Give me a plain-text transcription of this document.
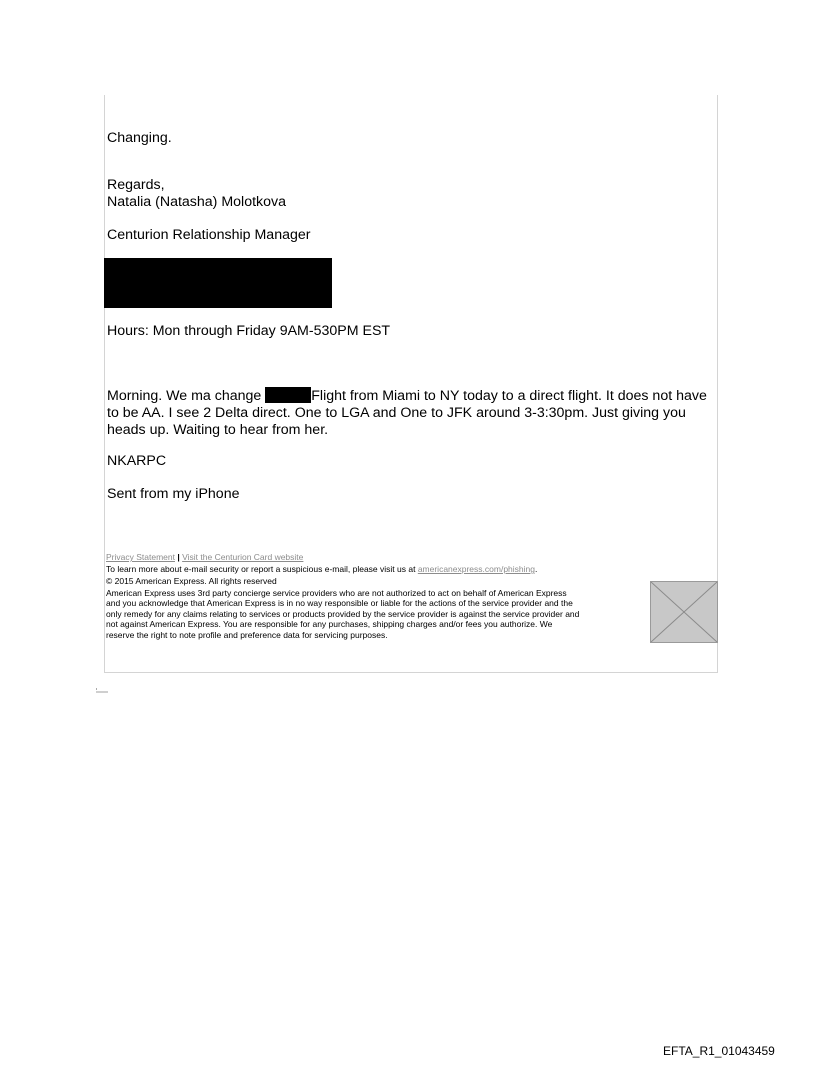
Changing.

Regards,

Natalia (Natasha) Molotkova

Centurion Relationship Manager

Hours: Mon through Friday 9AM-530PM EST

Morning. We ma change	Flight from Miami to NY today to a direct flight. It does not have to be AA. I see 2 Delta direct. One to LGA and One to JFK around 3-3:30pm. Just giving you heads up. Waiting to hear from her.

NKARPC

Sent from my iPhone

Privacy Statement | Visit the Centurion Card website
To learn more about e-mail security or report a suspicious e-mail, please visit us at americanexpress.com/phishing.
© 2015 American Express. All rights reserved
American Express uses 3rd party concierge service providers who are not authorized to act on behalf of American Express
and you acknowledge that American Express is in no way responsible or liable for the actions of the service provider and the
only remedy for any claims relating to services or products provided by the service provider is against the service provider and
not against American Express. You are responsible for any purchases, shipping charges and/or fees you authorize. We
reserve the right to note profile and preference data for servicing purposes.
EFTA_R1_01043459
